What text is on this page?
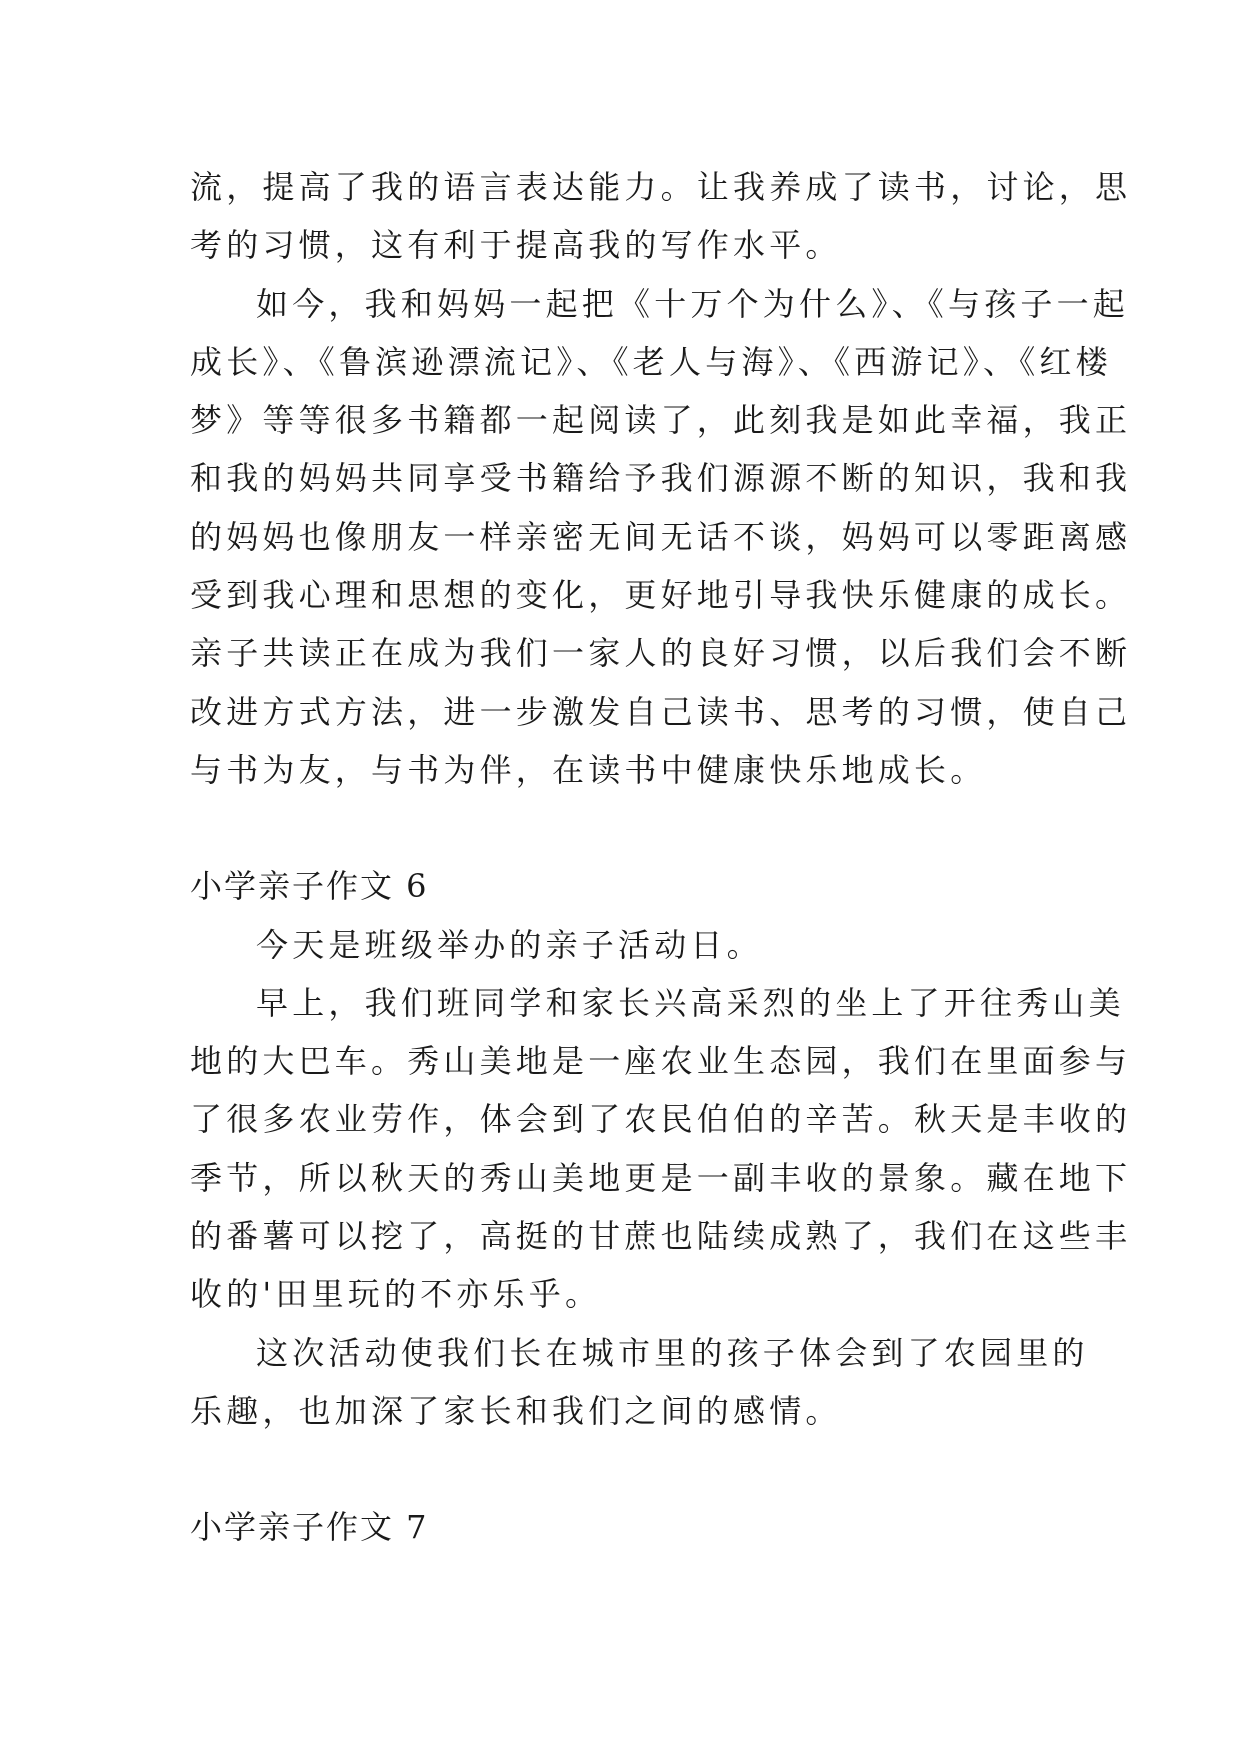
流，提高了我的语言表达能力。让我养成了读书，讨论，思
考的习惯，这有利于提高我的写作水平。
如今，我和妈妈一起把《十万个为什么》、《与孩子一起
成长》、《鲁滨逊漂流记》、《老人与海》、《西游记》、《红楼
梦》等等很多书籍都一起阅读了，此刻我是如此幸福，我正
和我的妈妈共同享受书籍给予我们源源不断的知识，我和我
的妈妈也像朋友一样亲密无间无话不谈，妈妈可以零距离感
受到我心理和思想的变化，更好地引导我快乐健康的成长。
亲子共读正在成为我们一家人的良好习惯，以后我们会不断
改进方式方法，进一步激发自己读书、思考的习惯，使自己
与书为友，与书为伴，在读书中健康快乐地成长。
小学亲子作文 6
今天是班级举办的亲子活动日。
早上，我们班同学和家长兴高采烈的坐上了开往秀山美
地的大巴车。秀山美地是一座农业生态园，我们在里面参与
了很多农业劳作，体会到了农民伯伯的辛苦。秋天是丰收的
季节，所以秋天的秀山美地更是一副丰收的景象。藏在地下
的番薯可以挖了，高挺的甘蔗也陆续成熟了，我们在这些丰
收的'田里玩的不亦乐乎。
这次活动使我们长在城市里的孩子体会到了农园里的
乐趣，也加深了家长和我们之间的感情。
小学亲子作文 7
